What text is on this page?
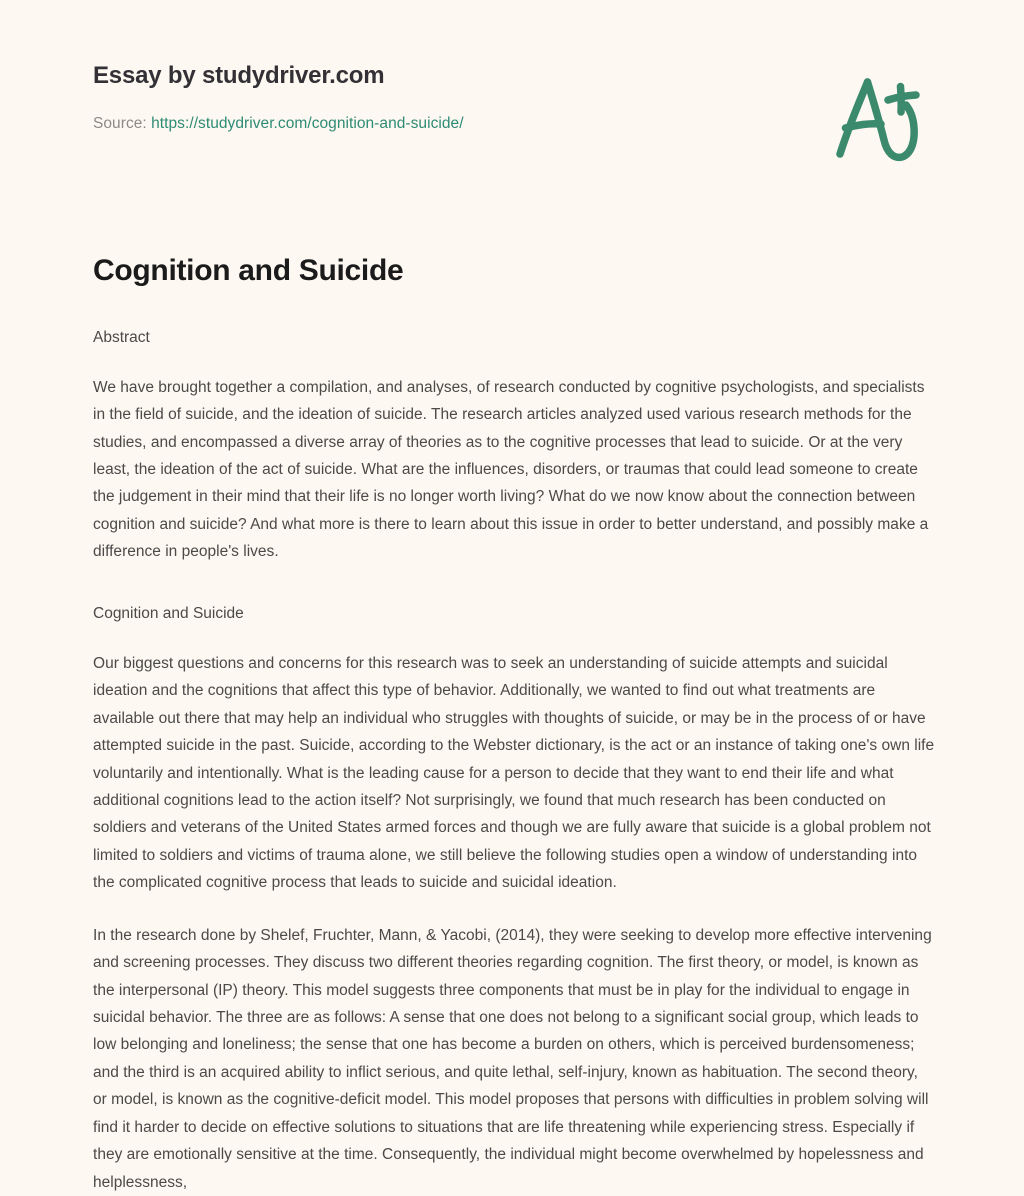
Essay by studydriver.com
Source: https://studydriver.com/cognition-and-suicide/
Cognition and Suicide
Abstract

We have brought together a compilation, and analyses, of research conducted by cognitive psychologists, and specialists in the field of suicide, and the ideation of suicide. The research articles analyzed used various research methods for the studies, and encompassed a diverse array of theories as to the cognitive processes that lead to suicide. Or at the very least, the ideation of the act of suicide. What are the influences, disorders, or traumas that could lead someone to create the judgement in their mind that their life is no longer worth living? What do we now know about the connection between cognition and suicide? And what more is there to learn about this issue in order to better understand, and possibly make a difference in people's lives.

Cognition and Suicide

Our biggest questions and concerns for this research was to seek an understanding of suicide attempts and suicidal ideation and the cognitions that affect this type of behavior. Additionally, we wanted to find out what treatments are available out there that may help an individual who struggles with thoughts of suicide, or may be in the process of or have attempted suicide in the past. Suicide, according to the Webster dictionary, is the act or an instance of taking one's own life voluntarily and intentionally. What is the leading cause for a person to decide that they want to end their life and what additional cognitions lead to the action itself? Not surprisingly, we found that much research has been conducted on soldiers and veterans of the United States armed forces and though we are fully aware that suicide is a global problem not limited to soldiers and victims of trauma alone, we still believe the following studies open a window of understanding into the complicated cognitive process that leads to suicide and suicidal ideation.

In the research done by Shelef, Fruchter, Mann, & Yacobi, (2014), they were seeking to develop more effective intervening and screening processes. They discuss two different theories regarding cognition. The first theory, or model, is known as the interpersonal (IP) theory. This model suggests three components that must be in play for the individual to engage in suicidal behavior. The three are as follows: A sense that one does not belong to a significant social group, which leads to low belonging and loneliness; the sense that one has become a burden on others, which is perceived burdensomeness; and the third is an acquired ability to inflict serious, and quite lethal, self-injury, known as habituation. The second theory, or model, is known as the cognitive-deficit model. This model proposes that persons with difficulties in problem solving will find it harder to decide on effective solutions to situations that are life threatening while experiencing stress. Especially if they are emotionally sensitive at the time. Consequently, the individual might become overwhelmed by hopelessness and helplessness,
